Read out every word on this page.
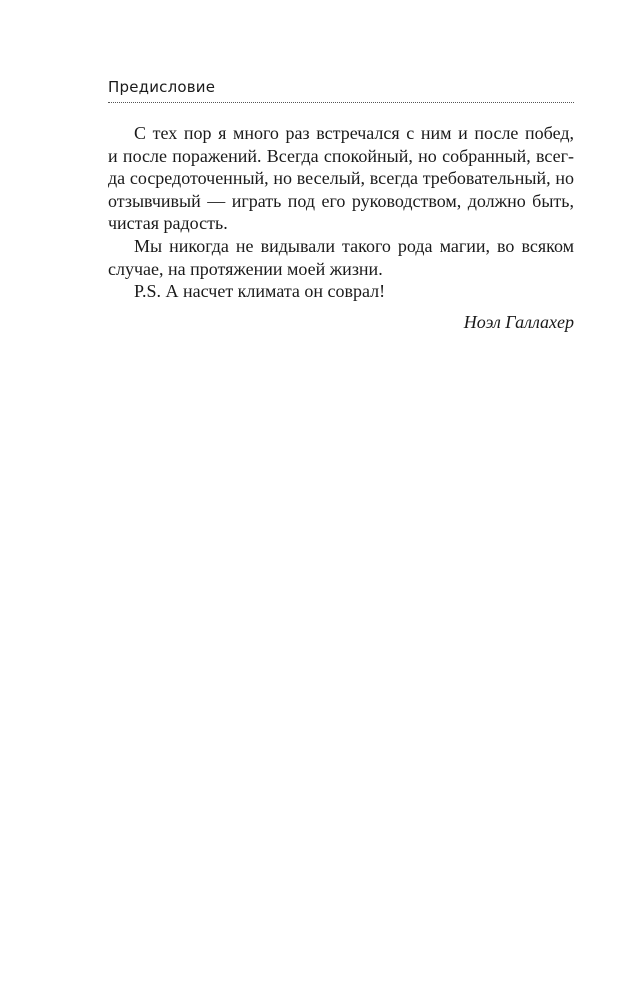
Предисловие
С тех пор я много раз встречался с ним и после побед,
и после поражений. Всегда спокойный, но собранный, всег-
да сосредоточенный, но веселый, всегда требовательный, но
отзывчивый — играть под его руководством, должно быть,
чистая радость.
Мы никогда не видывали такого рода магии, во всяком
случае, на протяжении моей жизни.
P.S. А насчет климата он соврал!
Ноэл Галлахер
